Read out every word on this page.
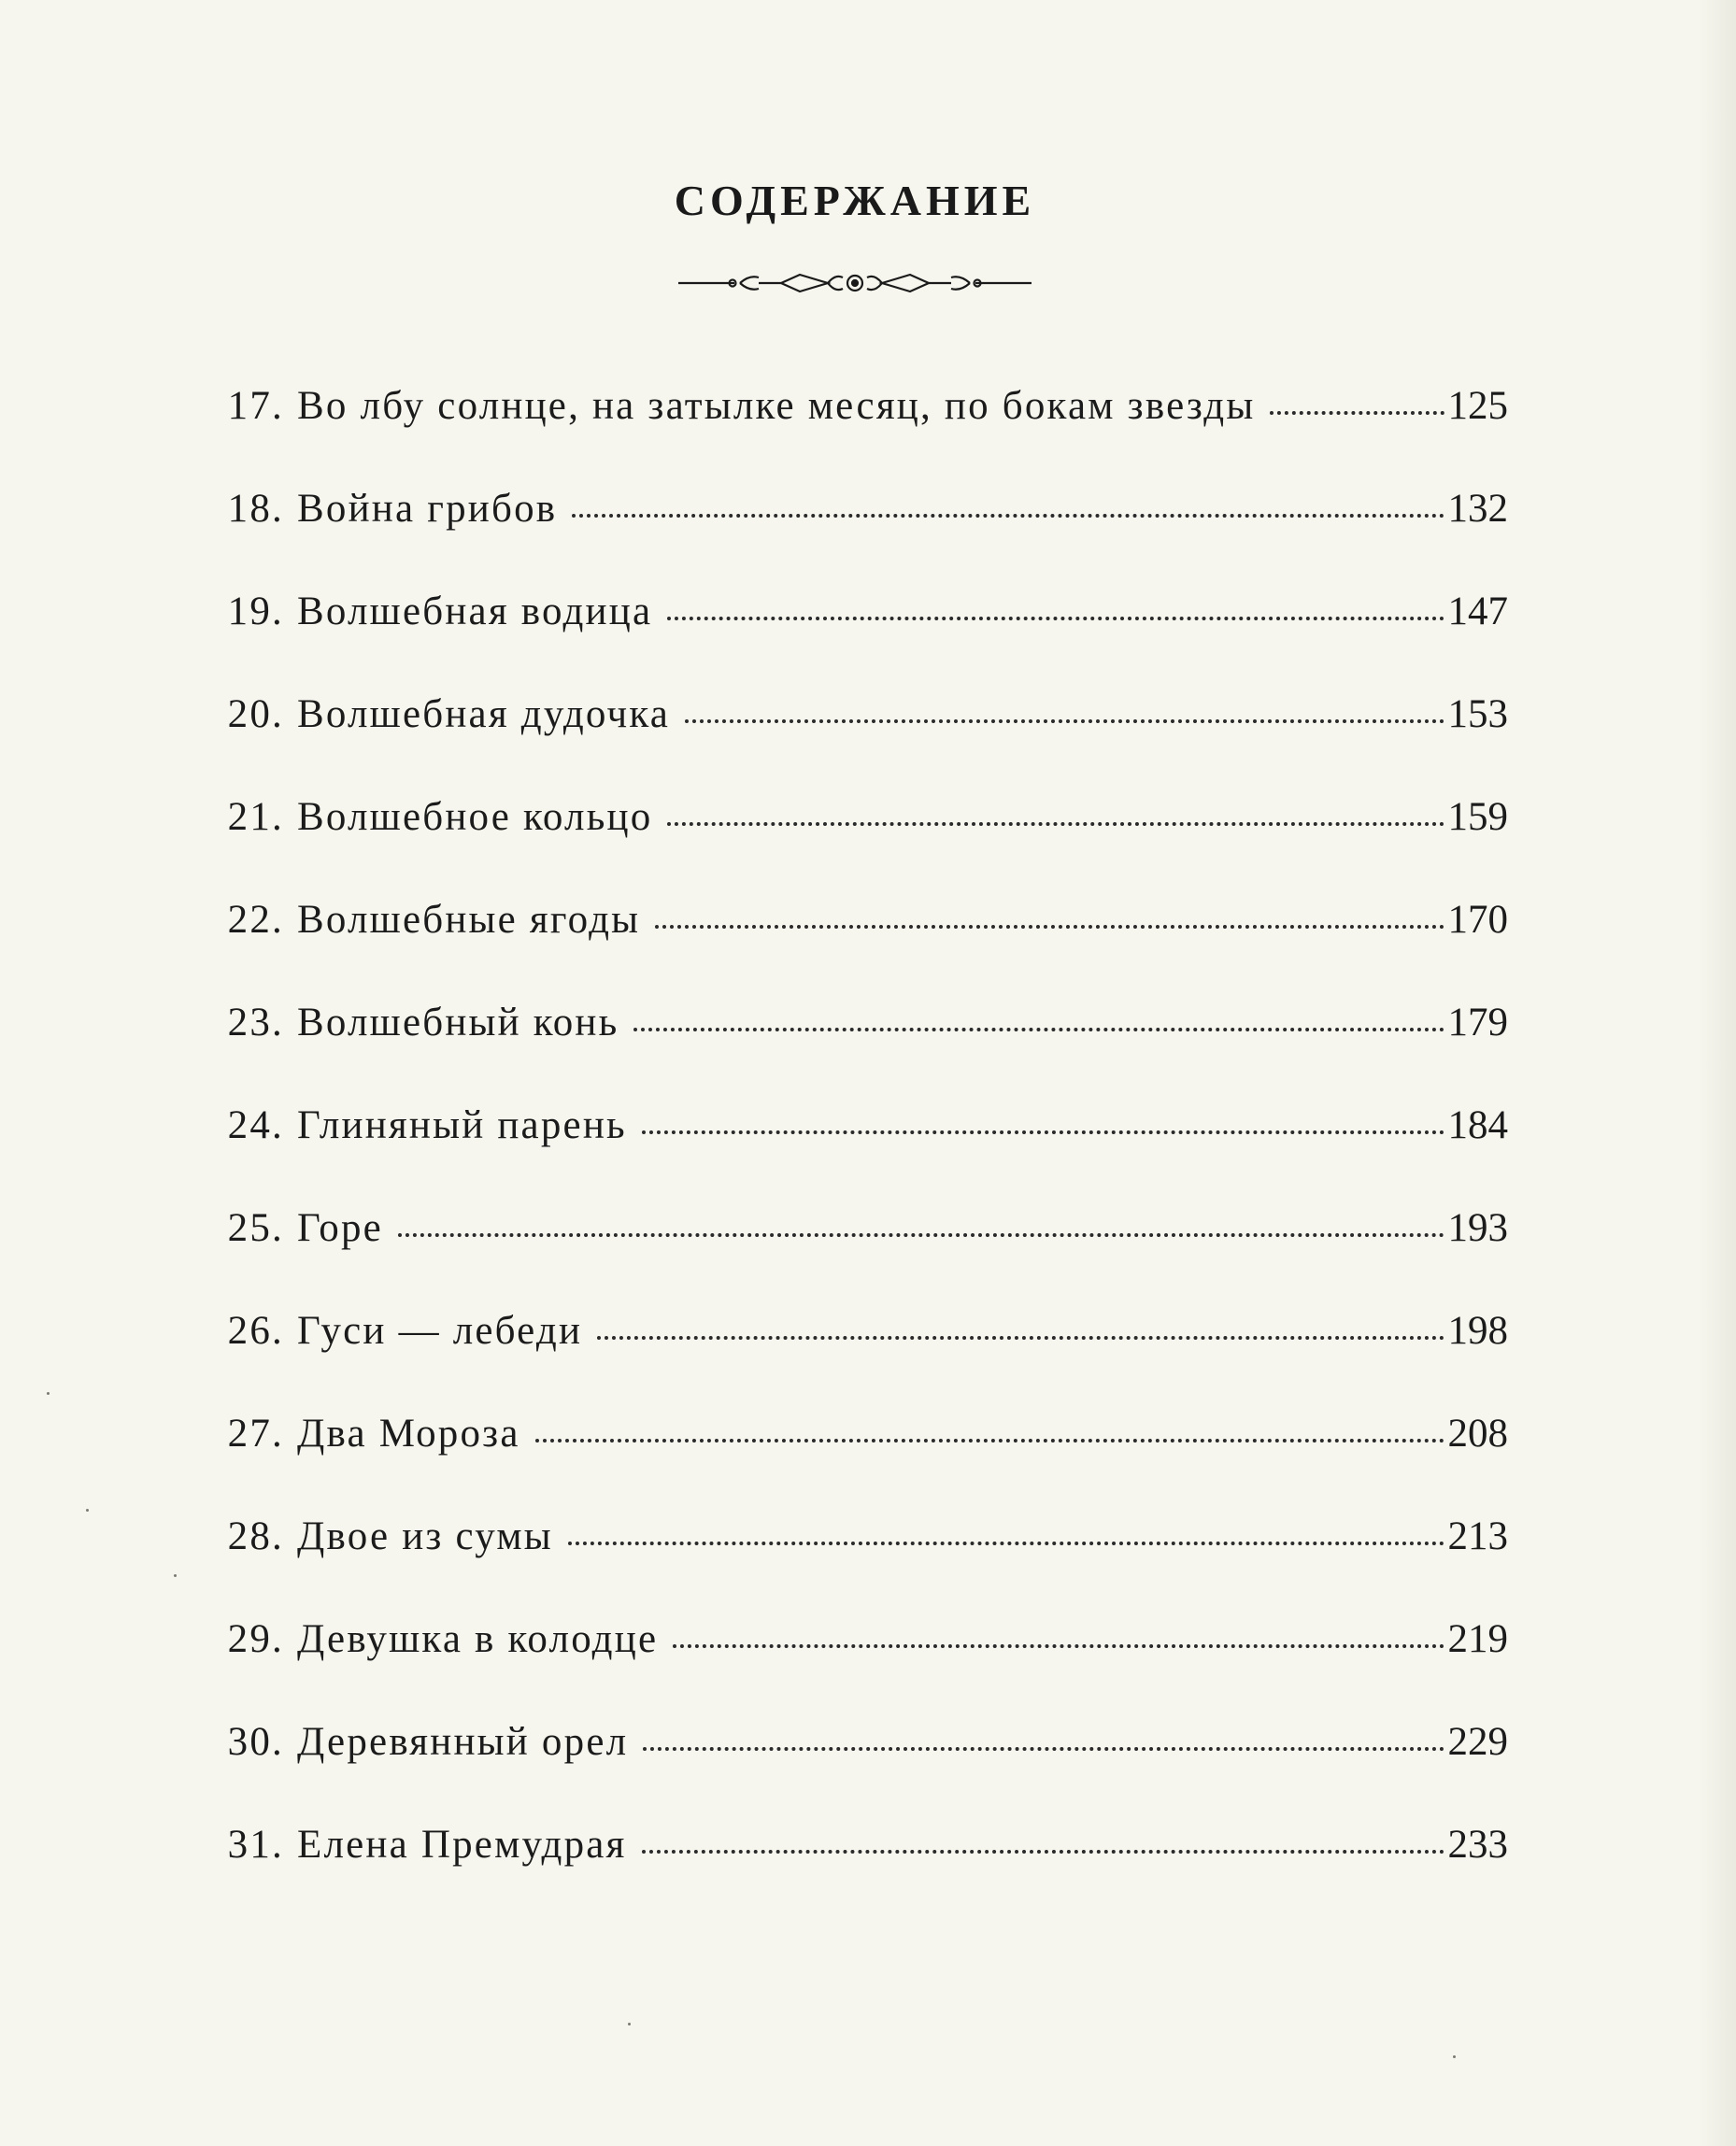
СОДЕРЖАНИЕ
17. Во лбу солнце, на затылке месяц, по бокам звезды	125
18. Война грибов	132
19. Волшебная водица	147
20. Волшебная дудочка	153
21. Волшебное кольцо	159
22. Волшебные ягоды	170
23. Волшебный конь	179
24. Глиняный парень	184
25. Горе	193
26. Гуси — лебеди	198
27. Два Мороза	208
28. Двое из сумы	213
29. Девушка в колодце	219
30. Деревянный орел	229
31. Елена Премудрая	233
